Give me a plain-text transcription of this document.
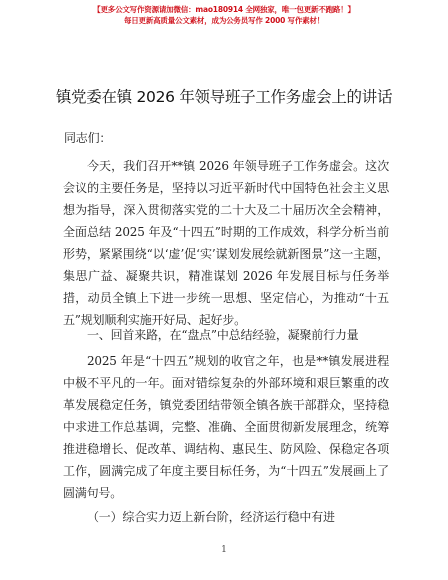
【更多公文写作资源请加微信：mao180914 全网独家，唯一包更新不跑路！】
每日更新高质量公文素材，成为公务员写作 2000 写作素材！
镇党委在镇 2026 年领导班子工作务虚会上的讲话
同志们：
今天，我们召开**镇 2026 年领导班子工作务虚会。这次会议的主要任务是，坚持以习近平新时代中国特色社会主义思想为指导，深入贯彻落实党的二十大及二十届历次全会精神，全面总结 2025 年及“十四五”时期的工作成效，科学分析当前形势，紧紧围绕“以‘虚’促‘实’谋划发展绘就新图景”这一主题，集思广益、凝聚共识，精准谋划 2026 年发展目标与任务举措，动员全镇上下进一步统一思想、坚定信心，为推动“十五五”规划顺利实施开好局、起好步。
一、回首来路，在“盘点”中总结经验，凝聚前行力量
2025 年是“十四五”规划的收官之年，也是**镇发展进程中极不平凡的一年。面对错综复杂的外部环境和艰巨繁重的改革发展稳定任务，镇党委团结带领全镇各族干部群众，坚持稳中求进工作总基调，完整、准确、全面贯彻新发展理念，统筹推进稳增长、促改革、调结构、惠民生、防风险、保稳定各项工作，圆满完成了年度主要目标任务，为“十四五”发展画上了圆满句号。
（一）综合实力迈上新台阶，经济运行稳中有进
1
